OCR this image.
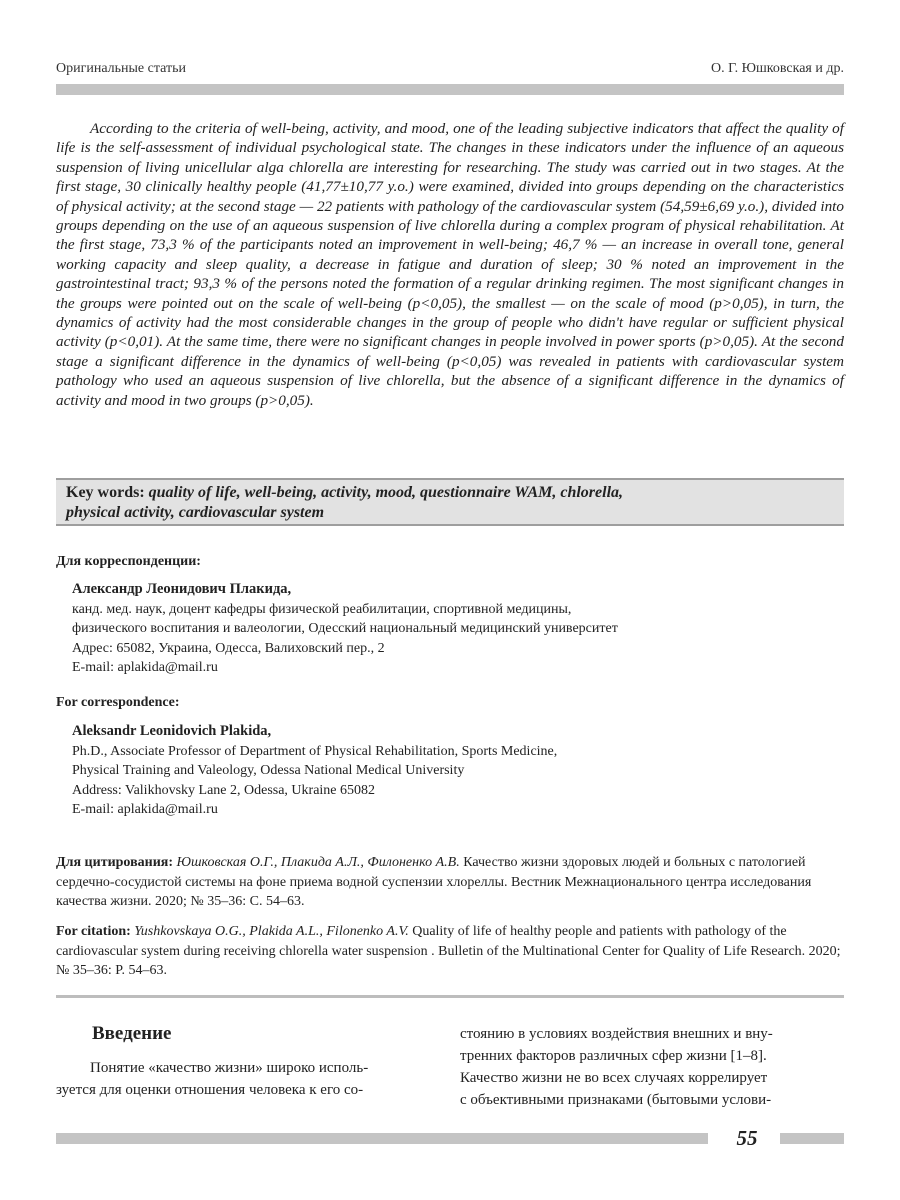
Оригинальные статьи	О. Г. Юшковская и др.
According to the criteria of well-being, activity, and mood, one of the leading subjective indicators that affect the quality of life is the self-assessment of individual psychological state. The changes in these indicators under the influence of an aqueous suspension of living unicellular alga chlorella are interesting for researching. The study was carried out in two stages. At the first stage, 30 clinically healthy people (41,77±10,77 y.o.) were examined, divided into groups depending on the characteristics of physical activity; at the second stage — 22 patients with pathology of the cardiovascular system (54,59±6,69 y.o.), divided into groups depending on the use of an aqueous suspension of live chlorella during a complex program of physical rehabilitation. At the first stage, 73,3 % of the participants noted an improvement in well-being; 46,7 % — an increase in overall tone, general working capacity and sleep quality, a decrease in fatigue and duration of sleep; 30 % noted an improvement in the gastrointestinal tract; 93,3 % of the persons noted the formation of a regular drinking regimen. The most significant changes in the groups were pointed out on the scale of well-being (p<0,05), the smallest — on the scale of mood (p>0,05), in turn, the dynamics of activity had the most considerable changes in the group of people who didn't have regular or sufficient physical activity (p<0,01). At the same time, there were no significant changes in people involved in power sports (p>0,05). At the second stage a significant difference in the dynamics of well-being (p<0,05) was revealed in patients with cardiovascular system pathology who used an aqueous suspension of live chlorella, but the absence of a significant difference in the dynamics of activity and mood in two groups (p>0,05).
Key words: quality of life, well-being, activity, mood, questionnaire WAM, chlorella,
physical activity, cardiovascular system
Для корреспонденции:
Александр Леонидович Плакида,
канд. мед. наук, доцент кафедры физической реабилитации, спортивной медицины,
физического воспитания и валеологии, Одесский национальный медицинский университет
Адрес: 65082, Украина, Одесса, Валиховский пер., 2
E-mail: aplakida@mail.ru
For correspondence:
Aleksandr Leonidovich Plakida,
Ph.D., Associate Professor of Department of Physical Rehabilitation, Sports Medicine,
Physical Training and Valeology, Odessa National Medical University
Address: Valikhovsky Lane 2, Odessa, Ukraine 65082
E-mail: aplakida@mail.ru
Для цитирования: Юшковская О.Г., Плакида А.Л., Филоненко А.В. Качество жизни здоровых людей и больных с патологией сердечно-сосудистой системы на фоне приема водной суспензии хлореллы. Вестник Межнационального центра исследования качества жизни. 2020; № 35–36: С. 54–63.
For citation: Yushkovskaya O.G., Plakida A.L., Filonenko A.V. Quality of life of healthy people and patients with pathology of the cardiovascular system during receiving chlorella water suspension . Bulletin of the Multinational Center for Quality of Life Research. 2020; № 35–36: P. 54–63.
Введение
Понятие «качество жизни» широко исполь-
зуется для оценки отношения человека к его со-
стоянию в условиях воздействия внешних и вну-
тренних факторов различных сфер жизни [1–8].
Качество жизни не во всех случаях коррелирует
с объективными признаками (бытовыми услови-
55
